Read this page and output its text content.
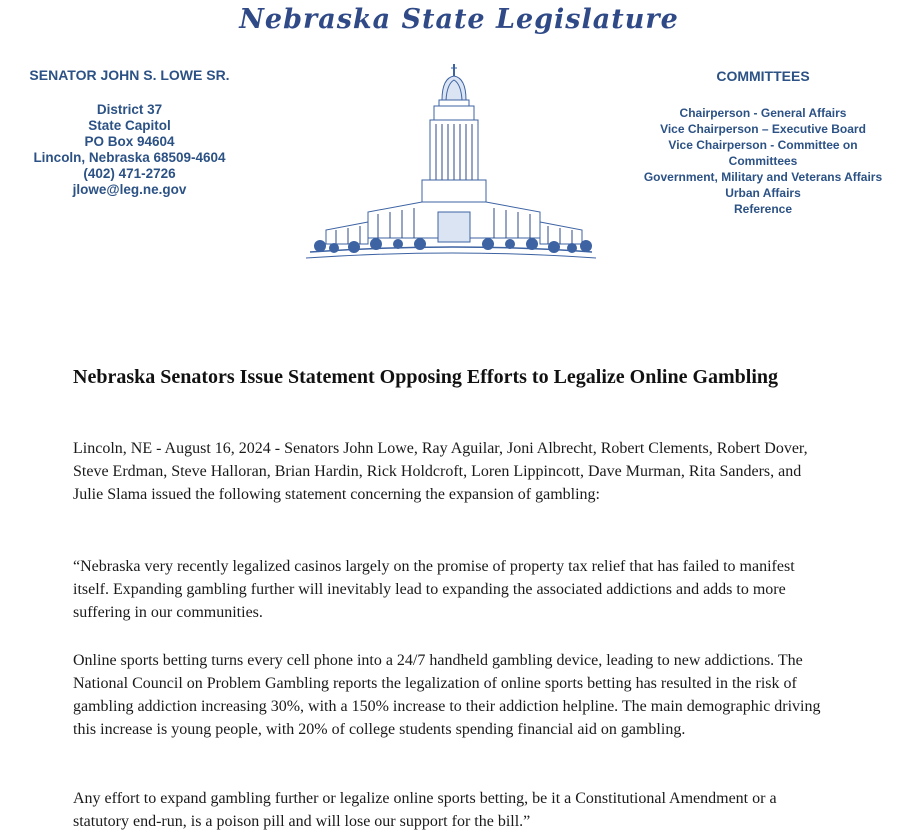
Nebraska State Legislature
SENATOR JOHN S. LOWE SR.
District 37
State Capitol
PO Box 94604
Lincoln, Nebraska 68509-4604
(402) 471-2726
jlowe@leg.ne.gov
COMMITTEES
Chairperson - General Affairs
Vice Chairperson – Executive Board
Vice Chairperson - Committee on
Committees
Government, Military and Veterans Affairs
Urban Affairs
Reference
Nebraska Senators Issue Statement Opposing Efforts to Legalize Online Gambling

Lincoln, NE - August 16, 2024 - Senators John Lowe, Ray Aguilar, Joni Albrecht, Robert Clements, Robert Dover, Steve Erdman, Steve Halloran, Brian Hardin, Rick Holdcroft, Loren Lippincott, Dave Murman, Rita Sanders, and Julie Slama issued the following statement concerning the expansion of gambling:

“Nebraska very recently legalized casinos largely on the promise of property tax relief that has failed to manifest itself. Expanding gambling further will inevitably lead to expanding the associated addictions and adds to more suffering in our communities.

Online sports betting turns every cell phone into a 24/7 handheld gambling device, leading to new addictions. The National Council on Problem Gambling reports the legalization of online sports betting has resulted in the risk of gambling addiction increasing 30%, with a 150% increase to their addiction helpline. The main demographic driving this increase is young people, with 20% of college students spending financial aid on gambling.

Any effort to expand gambling further or legalize online sports betting, be it a Constitutional Amendment or a statutory end-run, is a poison pill and will lose our support for the bill.”
